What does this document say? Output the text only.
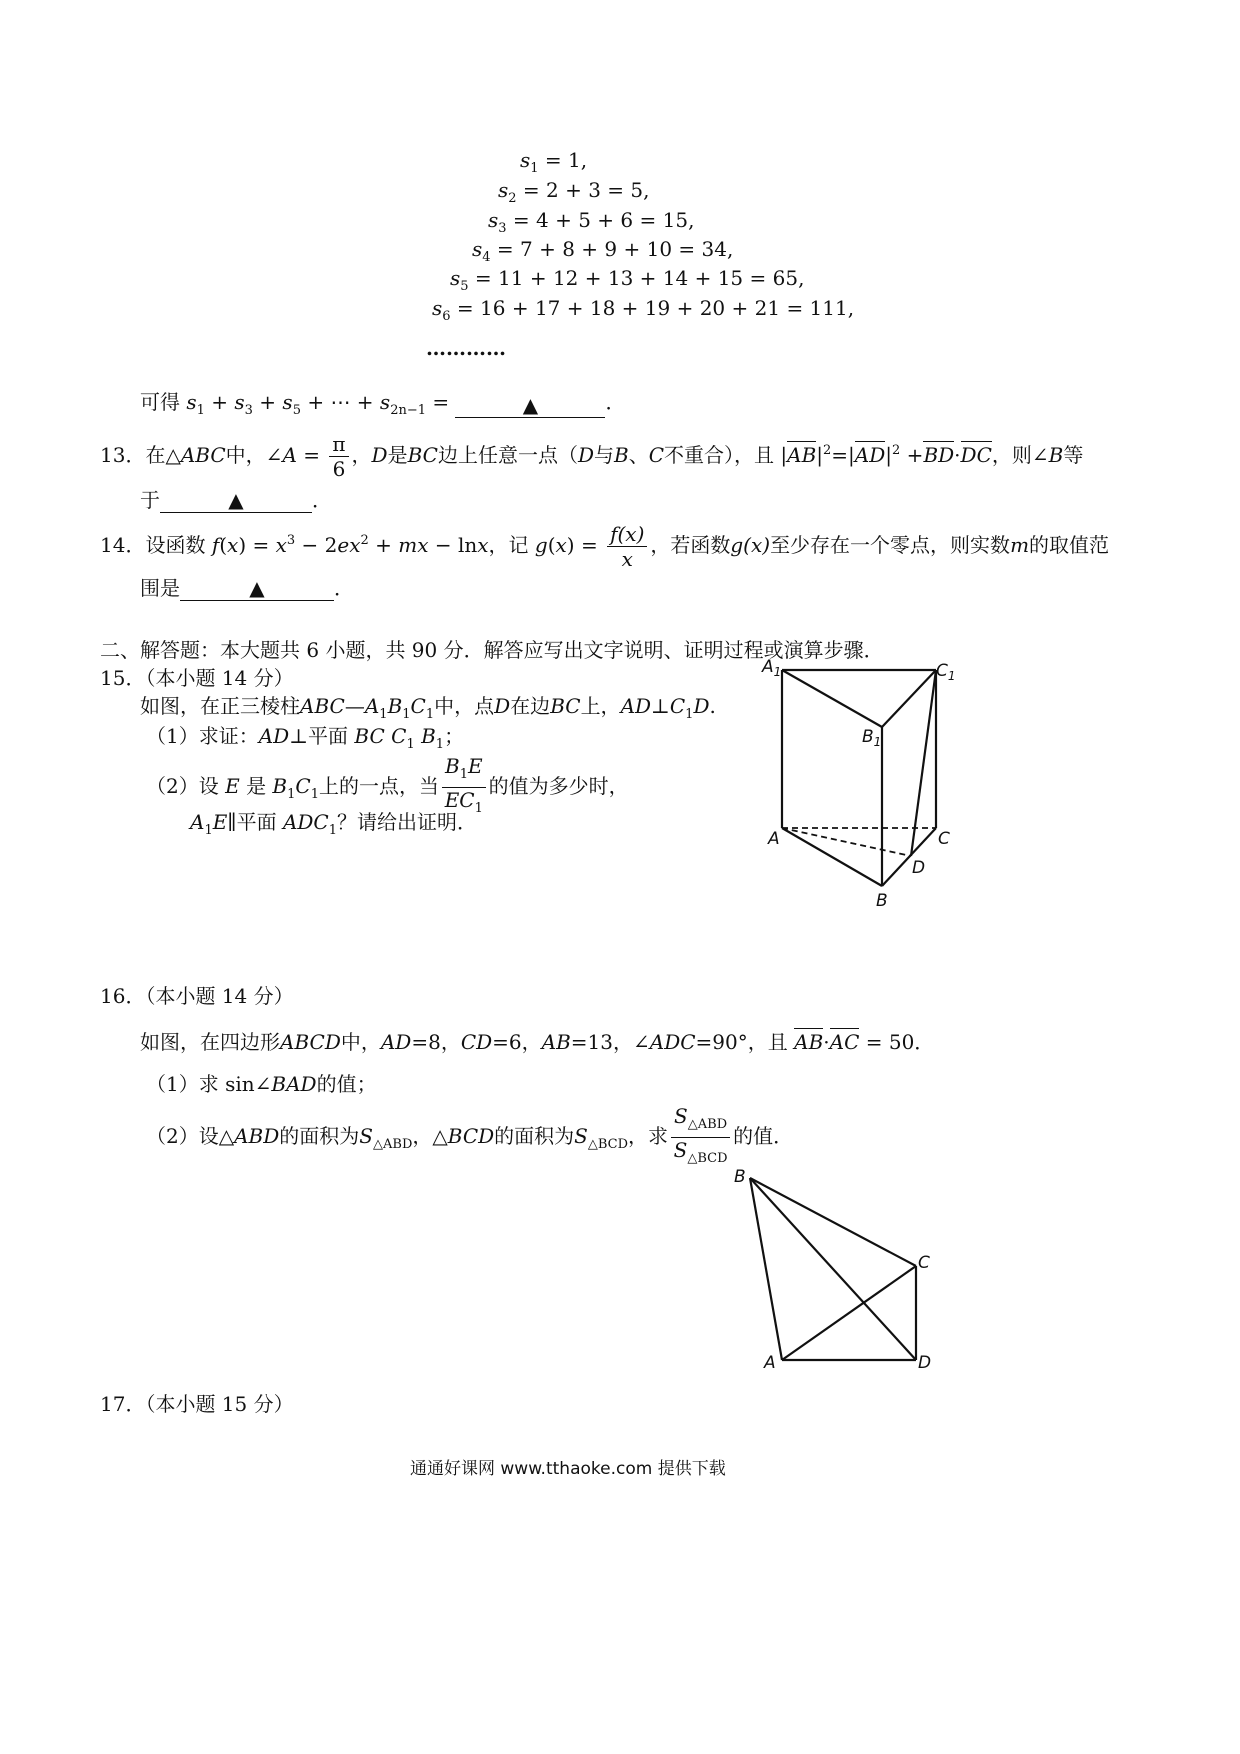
$s_1 = 1$,
$s_2 = 2 + 3 = 5$,
$s_3 = 4 + 5 + 6 = 15$,
$s_4 = 7 + 8 + 9 + 10 = 34$,
$s_5 = 11 + 12 + 13 + 14 + 15 = 65$,
$s_6 = 16 + 17 + 18 + 19 + 20 + 21 = 111$,
…………
可得 $s_1 + s_3 + s_5$ + ⋯ + $s_{2n-1}$ =	▲	．
13．在△ABC中，∠A = $\frac{\pi}{6}$ ，D是BC边上任意一点（D与B、C不重合），且 $|AB|^2=|AD|^2 +BD\cdot DC$，则∠B等
于	▲	．
14．设函数 $f(x) = x^3 - 2ex^2$ + mx − lnx，记 $g(x) = \frac{f(x)}{x}$ ，若函数g(x)至少存在一个零点，则实数m的取值范
围是	▲	．
二、解答题：本大题共 6 小题，共 90 分．解答应写出文字说明、证明过程或演算步骤．
15．（本小题 14 分）
如图，在正三棱柱$ABC—A_1B_1C_1$中，点D在边BC上，$AD\perp C_1D$.
（1）求证：AD⊥平面 BC $C_1$ $B_1$；
（2）设 E 是 $B_1C_1$上的一点，当 $\frac{B_1E}{EC_1}$ 的值为多少时，
$A_1E\parallel$平面 $ADC_1$？请给出证明．
$A_1$	$C_1$
$B_1$
A	C
D
B
16．（本小题 14 分）
如图，在四边形ABCD中，AD=8，CD=6，AB=13，∠ADC=90°，且 AB·AC = 50．
（1）求 sin∠BAD的值；
（2）设△ABD的面积为$S_{\triangle ABD}$，△BCD的面积为$S_{\triangle BCD}$，求 $\frac{S_{\triangle ABD}}{S_{\triangle BCD}}$ 的值．
B
C
A	D
17．（本小题 15 分）
通通好课网 www.tthaoke.com 提供下载
